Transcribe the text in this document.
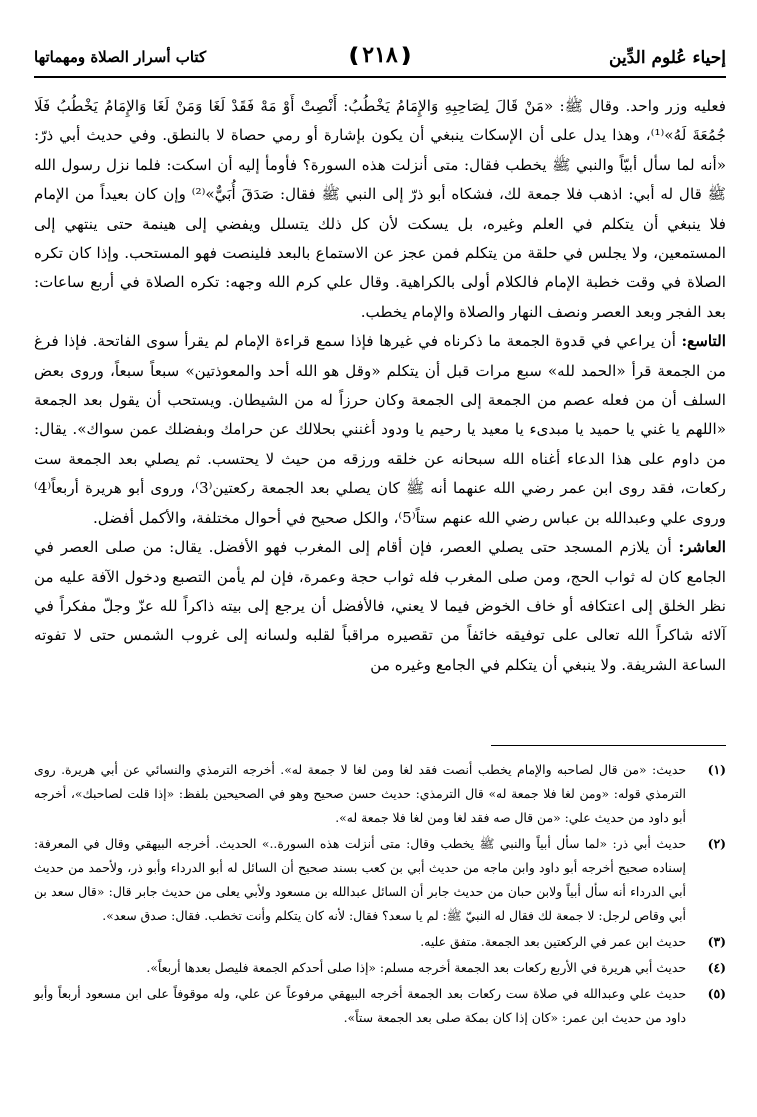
إحياء عُلوم الدِّين
❪٢١٨❫
كتاب أسرار الصلاة ومهماتها

فعليه وزر واحد. وقال ﷺ: «مَنْ قَالَ لِصَاحِبِهِ وَالإِمَامُ يَخْطُبُ: أَنْصِتْ أَوْ مَهْ فَقَدْ لَغَا وَمَنْ لَغَا وَالإِمَامُ يَخْطُبُ فَلَا جُمُعَةَ لَهُ»⁽¹⁾، وهذا يدل على أن الإسكات ينبغي أن يكون بإشارة أو رمي حصاة لا بالنطق. وفي حديث أبي ذرّ: «أنه لما سأل أبيّاً والنبي ﷺ يخطب فقال: متى أنزلت هذه السورة؟ فأومأ إليه أن اسكت: فلما نزل رسول الله ﷺ قال له أبي: اذهب فلا جمعة لك، فشكاه أبو ذرّ إلى النبي ﷺ فقال: صَدَقَ أُبَيٌّ»⁽²⁾ وإن كان بعيداً من الإمام فلا ينبغي أن يتكلم في العلم وغيره، بل يسكت لأن كل ذلك يتسلل ويفضي إلى هينمة حتى ينتهي إلى المستمعين، ولا يجلس في حلقة من يتكلم فمن عجز عن الاستماع بالبعد فلينصت فهو المستحب. وإذا كان تكره الصلاة في وقت خطبة الإمام فالكلام أولى بالكراهية. وقال علي كرم الله وجهه: تكره الصلاة في أربع ساعات: بعد الفجر وبعد العصر ونصف النهار والصلاة والإمام يخطب.

التاسع: أن يراعي في قدوة الجمعة ما ذكرناه في غيرها فإذا سمع قراءة الإمام لم يقرأ سوى الفاتحة. فإذا فرغ من الجمعة قرأ «الحمد لله» سبع مرات قبل أن يتكلم «وقل هو الله أحد والمعوذتين» سبعاً سبعاً، وروى بعض السلف أن من فعله عصم من الجمعة إلى الجمعة وكان حرزاً له من الشيطان. ويستحب أن يقول بعد الجمعة «اللهم يا غني يا حميد يا مبدىء يا معيد يا رحيم يا ودود أغنني بحلالك عن حرامك وبفضلك عمن سواك». يقال: من داوم على هذا الدعاء أغناه الله سبحانه عن خلقه ورزقه من حيث لا يحتسب. ثم يصلي بعد الجمعة ست ركعات، فقد روى ابن عمر رضي الله عنهما أنه ﷺ كان يصلي بعد الجمعة ركعتين⁽3⁾، وروى أبو هريرة أربعاً⁽4⁾ وروى علي وعبدالله بن عباس رضي الله عنهم ستاً⁽5⁾، والكل صحيح في أحوال مختلفة، والأكمل أفضل.

العاشر: أن يلازم المسجد حتى يصلي العصر، فإن أقام إلى المغرب فهو الأفضل. يقال: من صلى العصر في الجامع كان له ثواب الحج، ومن صلى المغرب فله ثواب حجة وعمرة، فإن لم يأمن التصبع ودخول الآفة عليه من نظر الخلق إلى اعتكافه أو خاف الخوض فيما لا يعني، فالأفضل أن يرجع إلى بيته ذاكراً لله عزّ وجلّ مفكراً في آلائه شاكراً الله تعالى على توفيقه خائفاً من تقصيره مراقباً لقلبه ولسانه إلى غروب الشمس حتى لا تفوته الساعة الشريفة. ولا ينبغي أن يتكلم في الجامع وغيره من

(١)
حديث: «من قال لصاحبه والإمام يخطب أنصت فقد لغا ومن لغا لا جمعة له». أخرجه الترمذي والنسائي عن أبي هريرة. روى الترمذي قوله: «ومن لغا فلا جمعة له» قال الترمذي: حديث حسن صحيح وهو في الصحيحين بلفظ: «إذا قلت لصاحبك»، أخرجه أبو داود من حديث علي: «من قال صه فقد لغا ومن لغا فلا جمعة له».
(٢)
حديث أبي ذر: «لما سأل أبياً والنبي ﷺ يخطب وقال: متى أنزلت هذه السورة..» الحديث. أخرجه البيهقي وقال في المعرفة: إسناده صحيح أخرجه أبو داود وابن ماجه من حديث أبي بن كعب بسند صحيح أن السائل له أبو الدرداء وأبو ذر، ولأحمد من حديث أبي الدرداء أنه سأل أبياً ولابن حبان من حديث جابر أن السائل عبدالله بن مسعود ولأبي يعلى من حديث جابر قال: «قال سعد بن أبي وقاص لرجل: لا جمعة لك فقال له النبيّ ﷺ: لم يا سعد؟ فقال: لأنه كان يتكلم وأنت تخطب. فقال: صدق سعد».
(٣)
حديث ابن عمر في الركعتين بعد الجمعة. متفق عليه.
(٤)
حديث أبي هريرة في الأربع ركعات بعد الجمعة أخرجه مسلم: «إذا صلى أحدكم الجمعة فليصل بعدها أربعاً».
(٥)
حديث علي وعبدالله في صلاة ست ركعات بعد الجمعة أخرجه البيهقي مرفوعاً عن علي، وله موقوفاً على ابن مسعود أربعاً وأبو داود من حديث ابن عمر: «كان إذا كان بمكة صلى بعد الجمعة ستاً».
